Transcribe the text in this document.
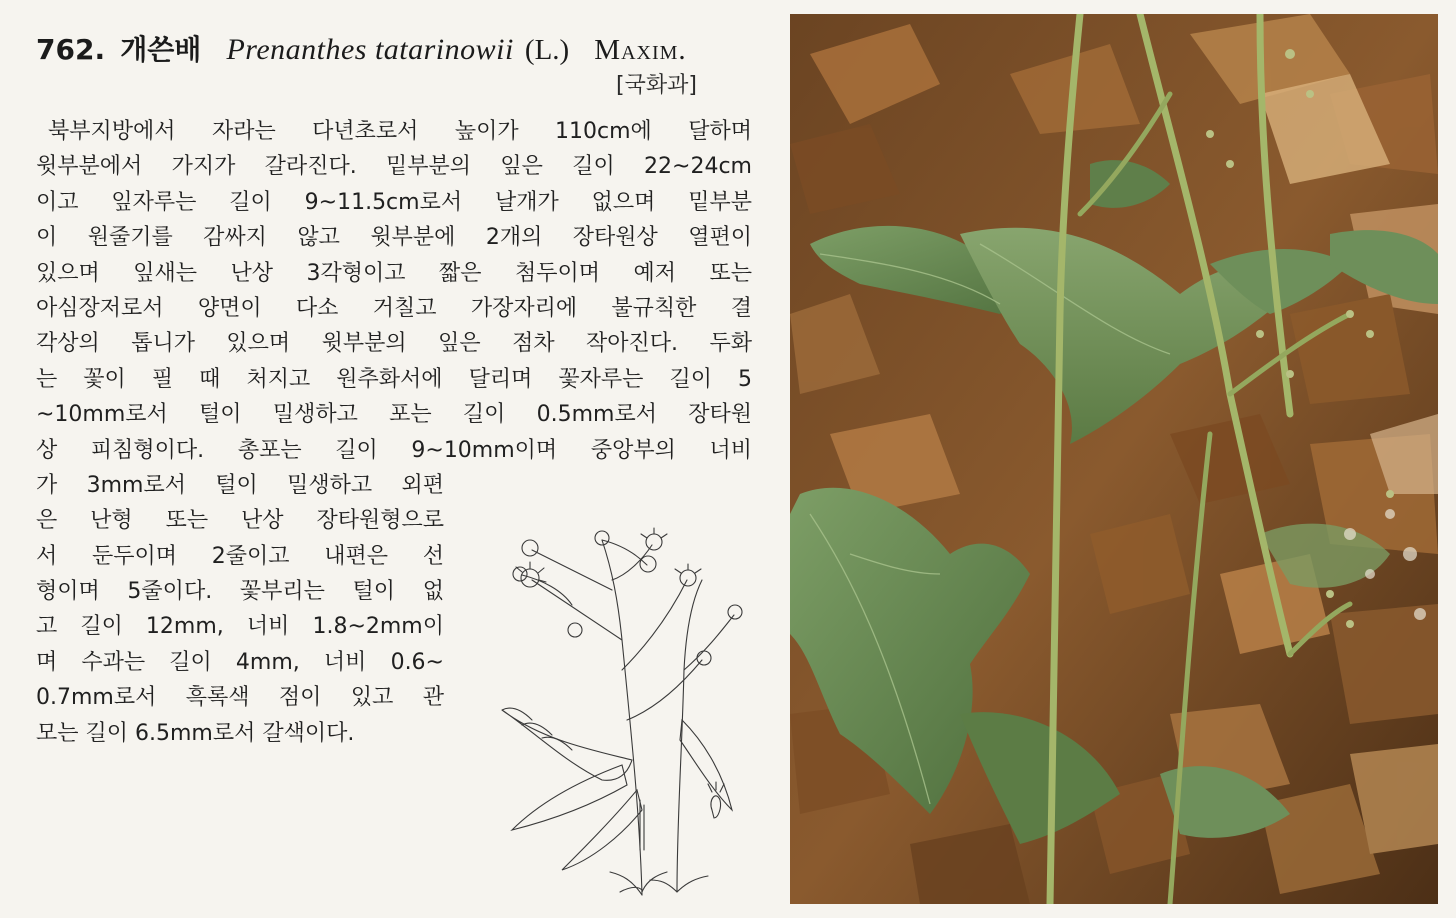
762. 개쓴배 Prenanthes tatarinowii (L.) Maxim.
[국화과]
북부지방에서 자라는 다년초로서 높이가 110cm에 달하며
윗부분에서 가지가 갈라진다. 밑부분의 잎은 길이 22~24cm
이고 잎자루는 길이 9~11.5cm로서 날개가 없으며 밑부분
이 원줄기를 감싸지 않고 윗부분에 2개의 장타원상 열편이
있으며 잎새는 난상 3각형이고 짧은 첨두이며 예저 또는
아심장저로서 양면이 다소 거칠고 가장자리에 불규칙한 결
각상의 톱니가 있으며 윗부분의 잎은 점차 작아진다. 두화
는 꽃이 필 때 처지고 원추화서에 달리며 꽃자루는 길이 5
~10mm로서 털이 밀생하고 포는 길이 0.5mm로서 장타원
상 피침형이다. 총포는 길이 9~10mm이며 중앙부의 너비
가 3mm로서 털이 밀생하고 외편
은 난형 또는 난상 장타원형으로
서 둔두이며 2줄이고 내편은 선
형이며 5줄이다. 꽃부리는 털이 없
고 길이 12mm, 너비 1.8~2mm이
며 수과는 길이 4mm, 너비 0.6~
0.7mm로서 흑록색 점이 있고 관
모는 길이 6.5mm로서 갈색이다.
